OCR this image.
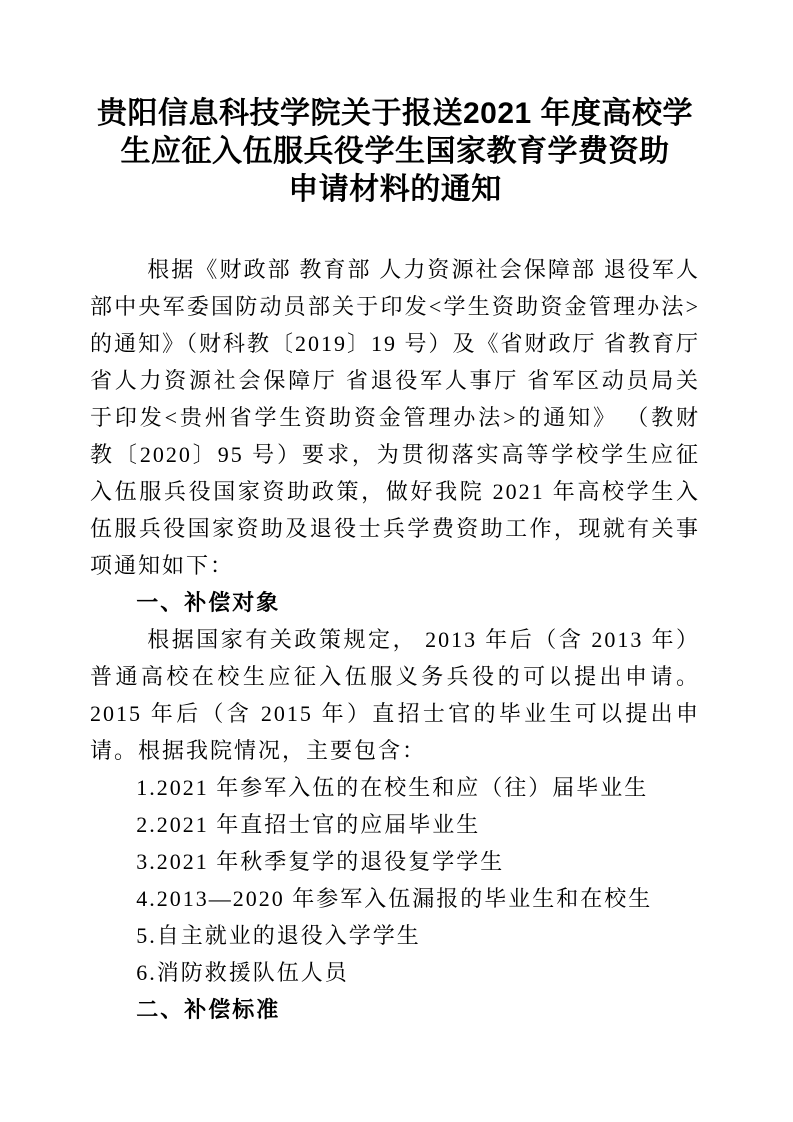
贵阳信息科技学院关于报送2021 年度高校学
生应征入伍服兵役学生国家教育学费资助
申请材料的通知

根据《财政部 教育部 人力资源社会保障部 退役军人部中央军委国防动员部关于印发<学生资助资金管理办法>的通知》（财科教〔2019〕19 号）及《省财政厅 省教育厅 省人力资源社会保障厅 省退役军人事厅 省军区动员局关于印发<贵州省学生资助资金管理办法>的通知》 （教财教〔2020〕95 号）要求，为贯彻落实高等学校学生应征入伍服兵役国家资助政策，做好我院 2021 年高校学生入伍服兵役国家资助及退役士兵学费资助工作，现就有关事项通知如下：

一、补偿对象

根据国家有关政策规定， 2013 年后（含 2013 年）普通高校在校生应征入伍服义务兵役的可以提出申请。2015 年后（含 2015 年）直招士官的毕业生可以提出申请。根据我院情况，主要包含：

1.2021 年参军入伍的在校生和应（往）届毕业生

2.2021 年直招士官的应届毕业生

3.2021 年秋季复学的退役复学学生

4.2013—2020 年参军入伍漏报的毕业生和在校生

5.自主就业的退役入学学生

6.消防救援队伍人员

二、补偿标准
